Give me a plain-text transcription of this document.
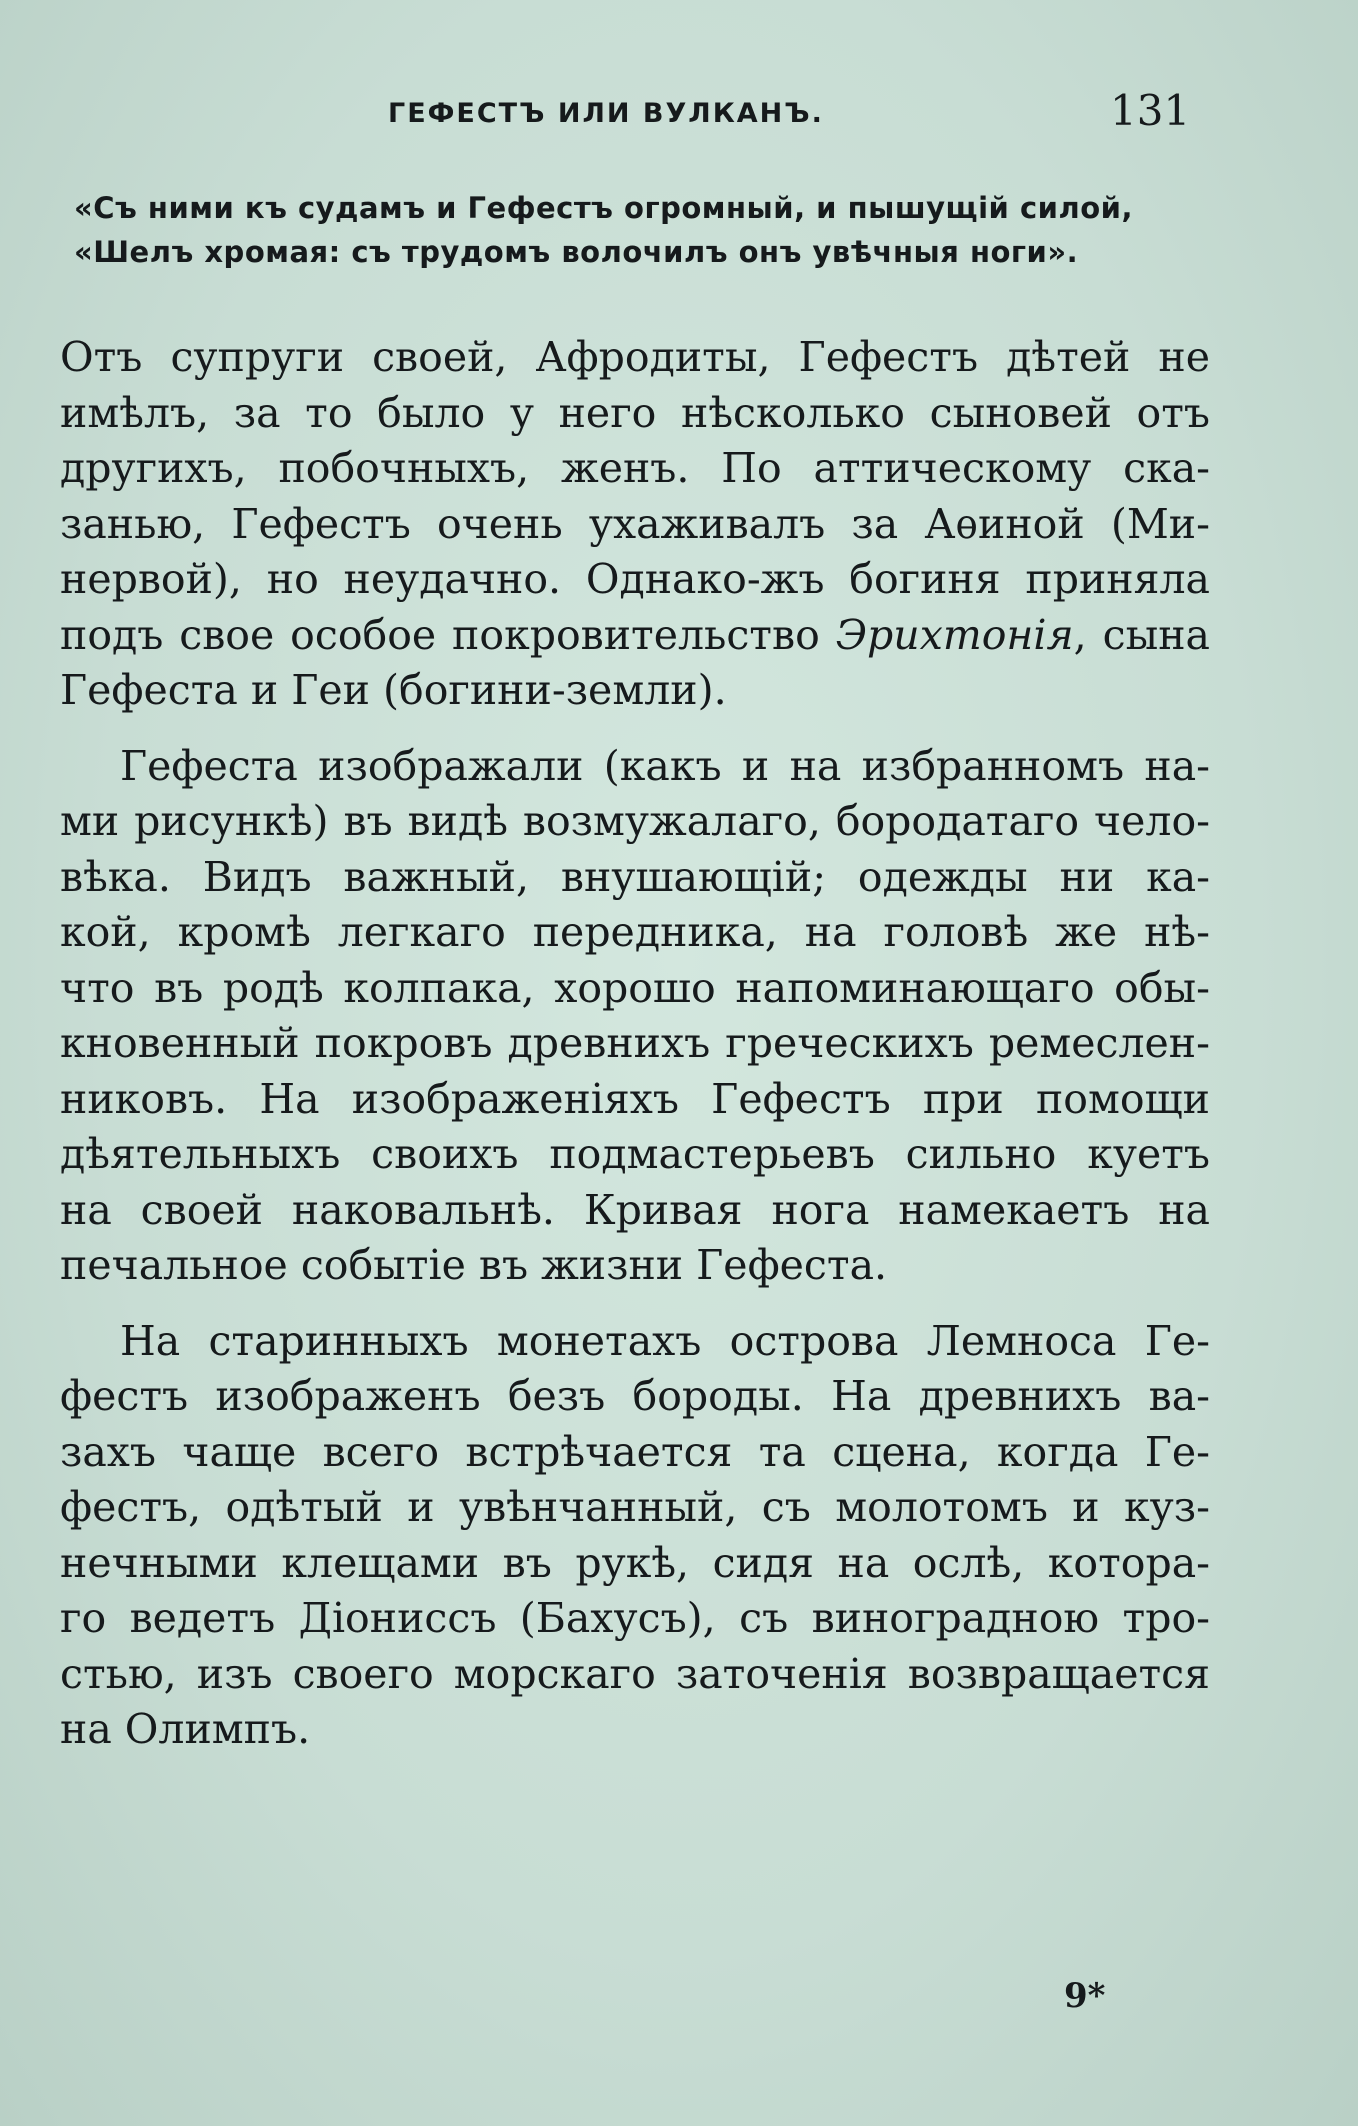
ГЕФЕСТЪ ИЛИ ВУЛКАНЪ.	131
«Съ ними къ судамъ и Гефестъ огромный, и пышущій силой,
«Шелъ хромая: съ трудомъ волочилъ онъ увѣчныя ноги».
Отъ супруги своей, Афродиты, Гефестъ дѣтей не
имѣлъ, за то было у него нѣсколько сыновей отъ
другихъ, побочныхъ, женъ. По аттическому ска-
занью, Гефестъ очень ухаживалъ за Аѳиной (Ми-
нервой), но неудачно. Однако-жъ богиня приняла
подъ свое особое покровительство Эрихтонія, сына
Гефеста и Геи (богини-земли).
Гефеста изображали (какъ и на избранномъ на-
ми рисункѣ) въ видѣ возмужалаго, бородатаго чело-
вѣка. Видъ важный, внушающій; одежды ни ка-
кой, кромѣ легкаго передника, на головѣ же нѣ-
что въ родѣ колпака, хорошо напоминающаго обы-
кновенный покровъ древнихъ греческихъ ремеслен-
никовъ. На изображеніяхъ Гефестъ при помощи
дѣятельныхъ своихъ подмастерьевъ сильно куетъ
на своей наковальнѣ. Кривая нога намекаетъ на
печальное событіе въ жизни Гефеста.
На старинныхъ монетахъ острова Лемноса Ге-
фестъ изображенъ безъ бороды. На древнихъ ва-
захъ чаще всего встрѣчается та сцена, когда Ге-
фестъ, одѣтый и увѣнчанный, съ молотомъ и куз-
нечными клещами въ рукѣ, сидя на ослѣ, котора-
го ведетъ Діониссъ (Бахусъ), съ виноградною тро-
стью, изъ своего морскаго заточенія возвращается
на Олимпъ.
9*
